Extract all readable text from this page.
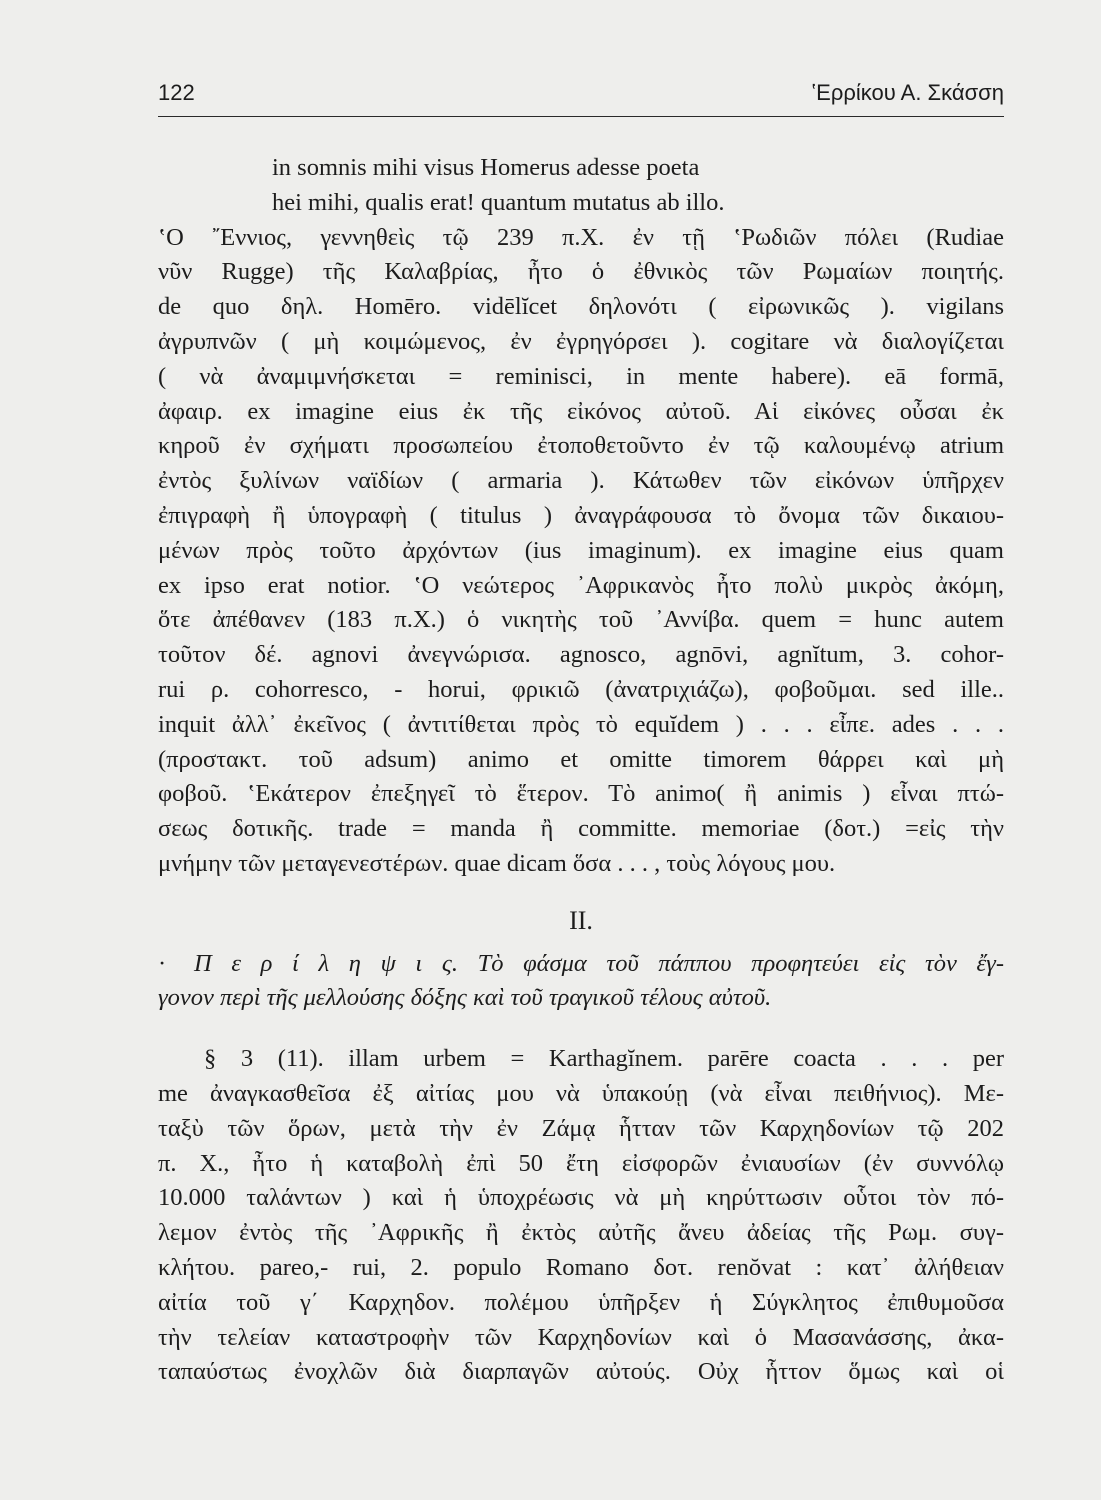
122	ʽΕρρίκου Α. Σκάσση
in somnis mihi visus Homerus adesse poeta
hei mihi, qualis erat! quantum mutatus ab illo.
ʽΟ ῎Εννιος, γεννηθεὶς τῷ 239 π.Χ. ἐν τῇ ʽΡωδιῶν πόλει (Rudiae
νῦν Rugge) τῆς Καλαβρίας, ἦτο ὁ ἐθνικὸς τῶν Ρωμαίων ποιητής.
de quo δηλ. Homēro. vidēlĭcet δηλονότι ( εἰρωνικῶς ). vigilans
ἀγρυπνῶν ( μὴ κοιμώμενος, ἐν ἐγρηγόρσει ). cogitare νὰ διαλογίζεται
( νὰ ἀναμιμνήσκεται = reminisci, in mente habere). eā formā,
ἀφαιρ. ex imagine eius ἐκ τῆς εἰκόνος αὐτοῦ. Αἱ εἰκόνες οὖσαι ἐκ
κηροῦ ἐν σχήματι προσωπείου ἐτοποθετοῦντο ἐν τῷ καλουμένῳ atrium
ἐντὸς ξυλίνων ναϊδίων ( armaria ). Κάτωθεν τῶν εἰκόνων ὑπῆρχεν
ἐπιγραφὴ ἢ ὑπογραφὴ ( titulus ) ἀναγράφουσα τὸ ὄνομα τῶν δικαιου-
μένων πρὸς τοῦτο ἀρχόντων (ius imaginum). ex imagine eius quam
ex ipso erat notior. ʽΟ νεώτερος ᾿Αφρικανὸς ἦτο πολὺ μικρὸς ἀκόμη,
ὅτε ἀπέθανεν (183 π.Χ.) ὁ νικητὴς τοῦ ᾿Αννίβα. quem = hunc autem
τοῦτον δέ. agnovi ἀνεγνώρισα. agnosco, agnōvi, agnĭtum, 3. cohor-
rui ρ. cohorresco, - horui, φρικιῶ (ἀνατριχιάζω), φοβοῦμαι. sed ille..
inquit ἀλλ᾿ ἐκεῖνος ( ἀντιτίθεται πρὸς τὸ equĭdem ) . . . εἶπε. ades . . .
(προστακτ. τοῦ adsum) animo et omitte timorem θάρρει καὶ μὴ
φοβοῦ. ʽΕκάτερον ἐπεξηγεῖ τὸ ἕτερον. Τὸ animo( ἢ animis ) εἶναι πτώ-
σεως δοτικῆς. trade = manda ἢ committe. memoriae (δοτ.) =εἰς τὴν
μνήμην τῶν μεταγενεστέρων. quae dicam ὅσα . . . , τοὺς λόγους μου.
II.
· Π ε ρ ί λ η ψ ι ς. Τὸ φάσμα τοῦ πάππου προφητεύει εἰς τὸν ἔγ-
γονον περὶ τῆς μελλούσης δόξης καὶ τοῦ τραγικοῦ τέλους αὐτοῦ.
§ 3 (11). illam urbem = Karthagĭnem. parēre coacta . . . per
me ἀναγκασθεῖσα ἐξ αἰτίας μου νὰ ὑπακούῃ (νὰ εἶναι πειθήνιος). Με-
ταξὺ τῶν ὅρων, μετὰ τὴν ἐν Ζάμᾳ ἧτταν τῶν Καρχηδονίων τῷ 202
π. Χ., ἦτο ἡ καταβολὴ ἐπὶ 50 ἔτη εἰσφορῶν ἐνιαυσίων (ἐν συννόλῳ
10.000 ταλάντων ) καὶ ἡ ὑποχρέωσις νὰ μὴ κηρύττωσιν οὗτοι τὸν πό-
λεμον ἐντὸς τῆς ᾿Αφρικῆς ἢ ἐκτὸς αὐτῆς ἄνευ ἀδείας τῆς Ρωμ. συγ-
κλήτου. pareo,- rui, 2. populo Romano δοτ. renŏvat : κατ᾿ ἀλήθειαν
αἰτία τοῦ γ΄ Καρχηδον. πολέμου ὑπῆρξεν ἡ Σύγκλητος ἐπιθυμοῦσα
τὴν τελείαν καταστροφὴν τῶν Καρχηδονίων καὶ ὁ Μασανάσσης, ἀκα-
ταπαύστως ἐνοχλῶν διὰ διαρπαγῶν αὐτούς. Οὐχ ἧττον ὅμως καὶ οἱ
